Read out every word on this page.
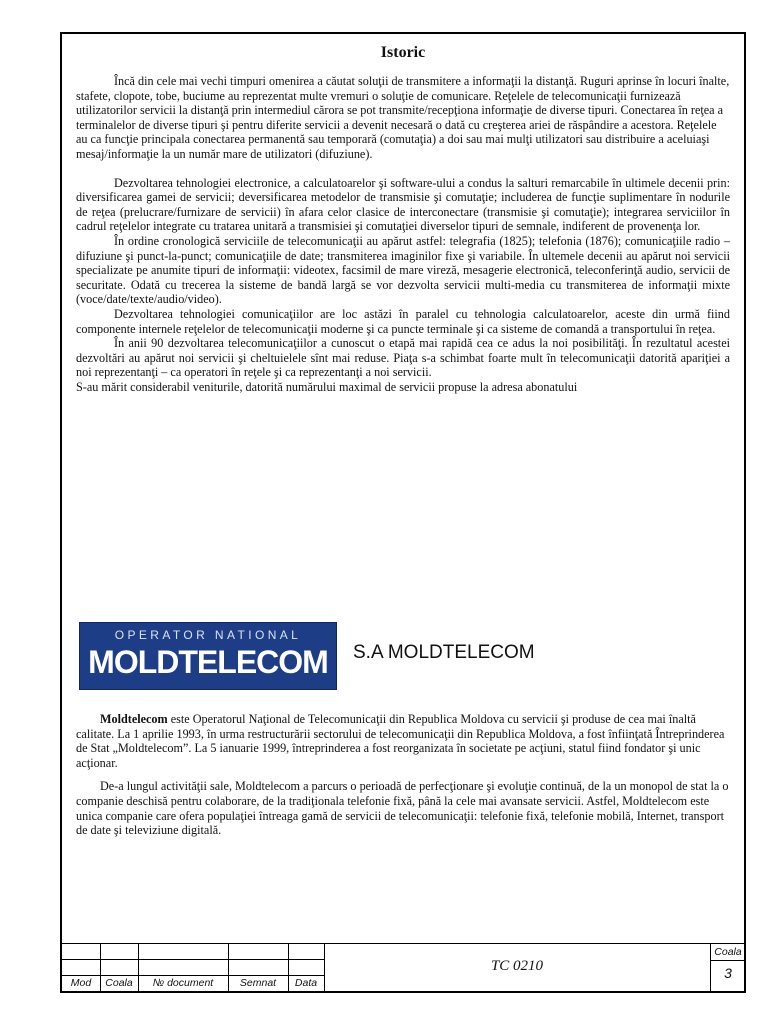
Istoric

Încă din cele mai vechi timpuri omenirea a căutat soluţii de transmitere a informaţii la distanţă. Ruguri aprinse în locuri înalte, stafete, clopote, tobe, buciume au reprezentat multe vremuri o soluţie de comunicare. Reţelele de telecomunicaţii furnizează utilizatorilor servicii la distanţă prin intermediul cărora se pot transmite/recepţiona informaţie de diverse tipuri. Conectarea în reţea a terminalelor de diverse tipuri şi pentru diferite servicii a devenit necesară o dată cu creşterea ariei de răspândire a acestora. Reţelele au ca funcţie principala conectarea permanentă sau temporară (comutaţia) a doi sau mai mulţi utilizatori sau distribuire a aceluiaşi mesaj/informaţie la un număr mare de utilizatori (difuziune).

Dezvoltarea tehnologiei electronice, a calculatoarelor şi software-ului a condus la salturi remarcabile în ultimele decenii prin: diversificarea gamei de servicii; deversificarea metodelor de transmisie şi comutaţie; includerea de funcţie suplimentare în nodurile de reţea (prelucrare/furnizare de servicii) în afara celor clasice de interconectare (transmisie şi comutaţie); integrarea serviciilor în cadrul reţelelor integrate cu tratarea unitară a transmisiei şi comutaţiei diverselor tipuri de semnale, indiferent de provenenţa lor.

În ordine cronologică serviciile de telecomunicaţii au apărut astfel: telegrafia (1825); telefonia (1876); comunicaţiile radio – difuziune şi punct-la-punct; comunicaţiile de date; transmiterea imaginilor fixe şi variabile. În ultemele decenii au apărut noi servicii specializate pe anumite tipuri de informaţii: videotex, facsimil de mare vireză, mesagerie electronică, teleconferinţă audio, servicii de securitate. Odată cu trecerea la sisteme de bandă largă se vor dezvolta servicii multi-media cu transmiterea de informaţii mixte (voce/date/texte/audio/video).

Dezvoltarea tehnologiei comunicaţiilor are loc astăzi în paralel cu tehnologia calculatoarelor, aceste din urmă fiind componente internele reţelelor de telecomunicaţii moderne şi ca puncte terminale şi ca sisteme de comandă a transportului în reţea.

În anii 90 dezvoltarea telecomunicaţiilor a cunoscut o etapă mai rapidă cea ce adus la noi posibilităţi. În rezultatul acestei dezvoltări au apărut noi servicii şi cheltuielele sînt mai reduse. Piaţa s-a schimbat foarte mult în telecomunicaţii datorită apariţiei a noi reprezentanţi – ca operatori în reţele şi ca reprezentanţi a noi servicii.

S-au mărit considerabil veniturile, datorită numărului maximal de servicii propuse la adresa abonatului

OPERATOR NATIONAL
MOLDTELECOM	S.A MOLDTELECOM

Moldtelecom este Operatorul Naţional de Telecomunicaţii din Republica Moldova cu servicii şi produse de cea mai înaltă calitate. La 1 aprilie 1993, în urma restructurării sectorului de telecomunicaţii din Republica Moldova, a fost înfiinţată Întreprinderea de Stat „Moldtelecom”. La 5 ianuarie 1999, întreprinderea a fost reorganizata în societate pe acţiuni, statul fiind fondator şi unic acţionar.

De-a lungul activităţii sale, Moldtelecom a parcurs o perioadă de perfecţionare şi evoluţie continuă, de la un monopol de stat la o companie deschisă pentru colaborare, de la tradiţionala telefonie fixă, până la cele mai avansate servicii. Astfel, Moldtelecom este unica companie care ofera populaţiei întreaga gamă de servicii de telecomunicaţii: telefonie fixă, telefonie mobilă, Internet, transport de date şi televiziune digitală.

Mod	Coala	№ document	Semnat	Data
TC 0210
Coala
3
